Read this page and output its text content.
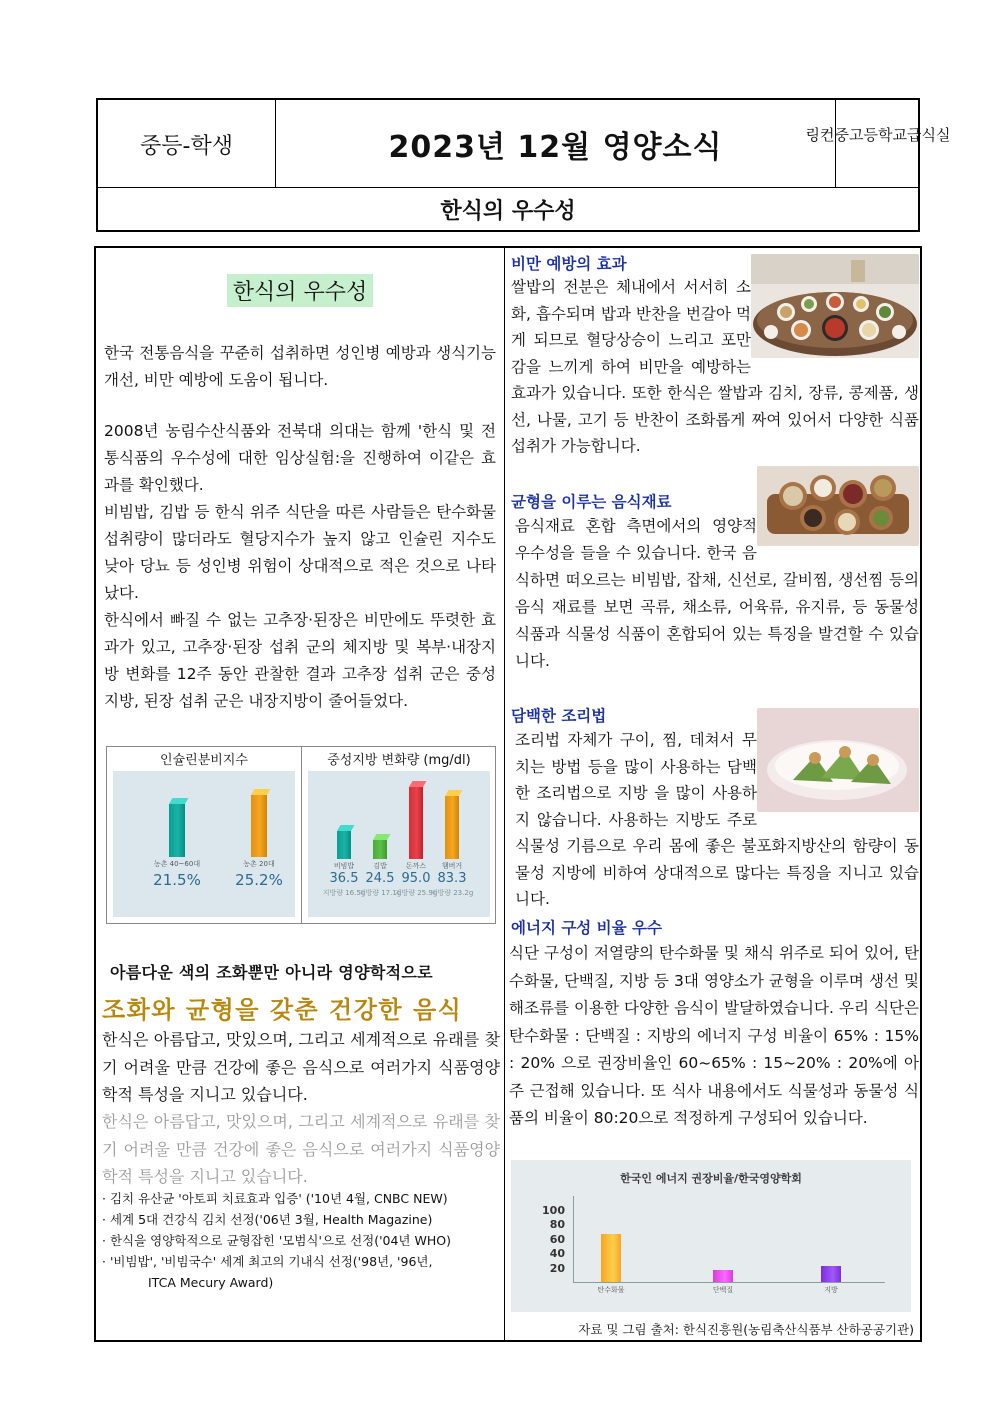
중등-학생	2023년 12월 영양소식	링컨중고등학교급식실
한식의 우수성
한식의 우수성
한국 전통음식을 꾸준히 섭취하면 성인병 예방과 생식기능 개선, 비만 예방에 도움이 됩니다.
2008년 농림수산식품와 전북대 의대는 함께 '한식 및 전통식품의 우수성에 대한 임상실험:을 진행하여 이같은 효과를 확인했다.
비빔밥, 김밥 등 한식 위주 식단을 따른 사람들은 탄수화물 섭취량이 많더라도 혈당지수가 높지 않고 인슐린 지수도 낮아 당뇨 등 성인병 위험이 상대적으로 적은 것으로 나타났다.
한식에서 빠질 수 없는 고추장·된장은 비만에도 뚜렷한 효과가 있고, 고추장·된장 섭취 군의 체지방 및 복부·내장지방 변화를 12주 동안 관찰한 결과 고추장 섭취 군은 중성지방, 된장 섭취 군은 내장지방이 줄어들었다.
인슐린분비지수
21.5%
농촌 40~60대
25.2%
농촌 20대
중성지방 변화량 (mg/dl)
36.5
비빔밥
지방량 16.5g
24.5
김밥
지방량 17.1g
95.0
돈까스
지방량 25.9g
83.3
햄버거
지방량 23.2g
아름다운 색의 조화뿐만 아니라 영양학적으로
조화와 균형을 갖춘 건강한 음식
한식은 아름답고, 맛있으며, 그리고 세계적으로 유래를 찾기 어려울 만큼 건강에 좋은 음식으로 여러가지 식품영양학적 특성을 지니고 있습니다.
한식은 아름답고, 맛있으며, 그리고 세계적으로 유래를 찾기 어려울 만큼 건강에 좋은 음식으로 여러가지 식품영양학적 특성을 지니고 있습니다.
· 김치 유산균 '아토피 치료효과 입증' ('10년 4월, CNBC NEW)
· 세계 5대 건강식 김치 선정('06년 3월, Health Magazine)
· 한식을 영양학적으로 균형잡힌 '모범식'으로 선정('04년 WHO)
· '비빔밥', '비빔국수' 세계 최고의 기내식 선정('98년, '96년,
ITCA Mecury Award)
비만 예방의 효과
쌀밥의 전분은 체내에서 서서히 소화, 흡수되며 밥과 반찬을 번갈아 먹게 되므로 혈당상승이 느리고 포만감을 느끼게 하여 비만을 예방하는 효과가 있습니다. 또한 한식은 쌀밥과 김치, 장류, 콩제품, 생선, 나물, 고기 등 반찬이 조화롭게 짜여 있어서 다양한 식품 섭취가 가능합니다.
균형을 이루는 음식재료
음식재료 혼합 측면에서의 영양적 우수성을 들을 수 있습니다. 한국 음식하면 떠오르는 비빔밥, 잡채, 신선로, 갈비찜, 생선찜 등의 음식 재료를 보면 곡류, 채소류, 어육류, 유지류, 등 동물성 식품과 식물성 식품이 혼합되어 있는 특징을 발견할 수 있습니다.
담백한 조리법
조리법 자체가 구이, 찜, 데쳐서 무치는 방법 등을 많이 사용하는 담백한 조리법으로 지방 을 많이 사용하지 않습니다. 사용하는 지방도 주로 식물성 기름으로 우리 몸에 좋은 불포화지방산의 함량이 동물성 지방에 비하여 상대적으로 많다는 특징을 지니고 있습니다.
에너지 구성 비율 우수
식단 구성이 저열량의 탄수화물 및 채식 위주로 되어 있어, 탄수화물, 단백질, 지방 등 3대 영양소가 균형을 이루며 생선 및 해조류를 이용한 다양한 음식이 발달하였습니다. 우리 식단은 탄수화물 : 단백질 : 지방의 에너지 구성 비율이 65% : 15% : 20% 으로 권장비율인 60~65% : 15~20% : 20%에 아주 근접해 있습니다. 또 식사 내용에서도 식물성과 동물성 식품의 비율이 80:20으로 적정하게 구성되어 있습니다.
한국인 에너지 권장비율/한국영양학회
100
80
60
40
20
탄수화물	단백질	지방
자료 및 그림 출처: 한식진흥원(농림축산식품부 산하공공기관)
